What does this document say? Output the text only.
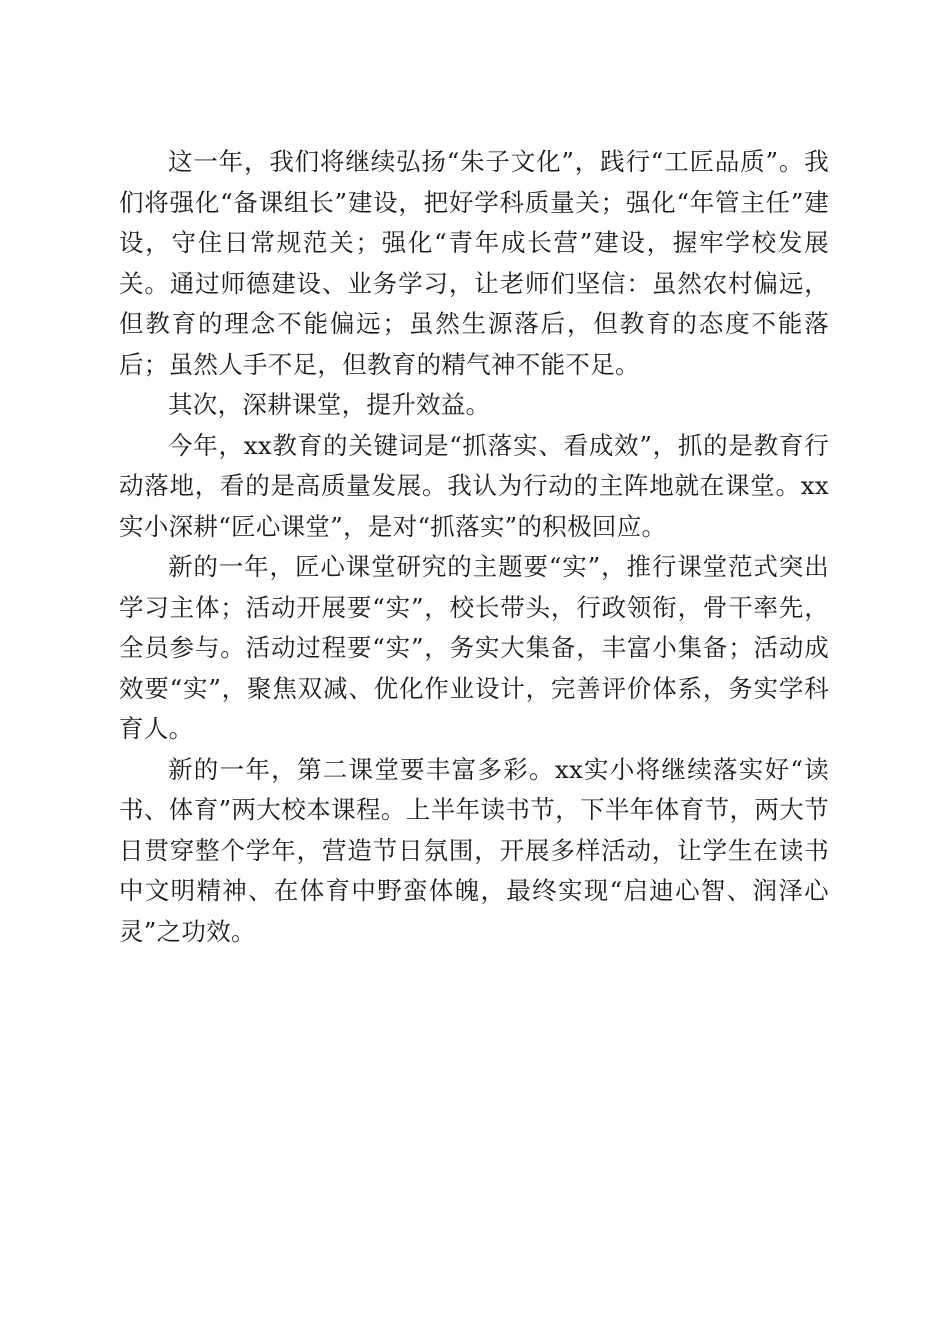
这一年，我们将继续弘扬“朱子文化”，践行“工匠品质”。我们将强化“备课组长”建设，把好学科质量关；强化“年管主任”建设，守住日常规范关；强化“青年成长营”建设，握牢学校发展关。通过师德建设、业务学习，让老师们坚信：虽然农村偏远，但教育的理念不能偏远；虽然生源落后，但教育的态度不能落后；虽然人手不足，但教育的精气神不能不足。

其次，深耕课堂，提升效益。

今年，xx教育的关键词是“抓落实、看成效”，抓的是教育行动落地，看的是高质量发展。我认为行动的主阵地就在课堂。xx实小深耕“匠心课堂”，是对“抓落实”的积极回应。

新的一年，匠心课堂研究的主题要“实”，推行课堂范式突出学习主体；活动开展要“实”，校长带头，行政领衔，骨干率先，全员参与。活动过程要“实”，务实大集备，丰富小集备；活动成效要“实”，聚焦双减、优化作业设计，完善评价体系，务实学科育人。

新的一年，第二课堂要丰富多彩。xx实小将继续落实好“读书、体育”两大校本课程。上半年读书节，下半年体育节，两大节日贯穿整个学年，营造节日氛围，开展多样活动，让学生在读书中文明精神、在体育中野蛮体魄，最终实现“启迪心智、润泽心灵”之功效。
